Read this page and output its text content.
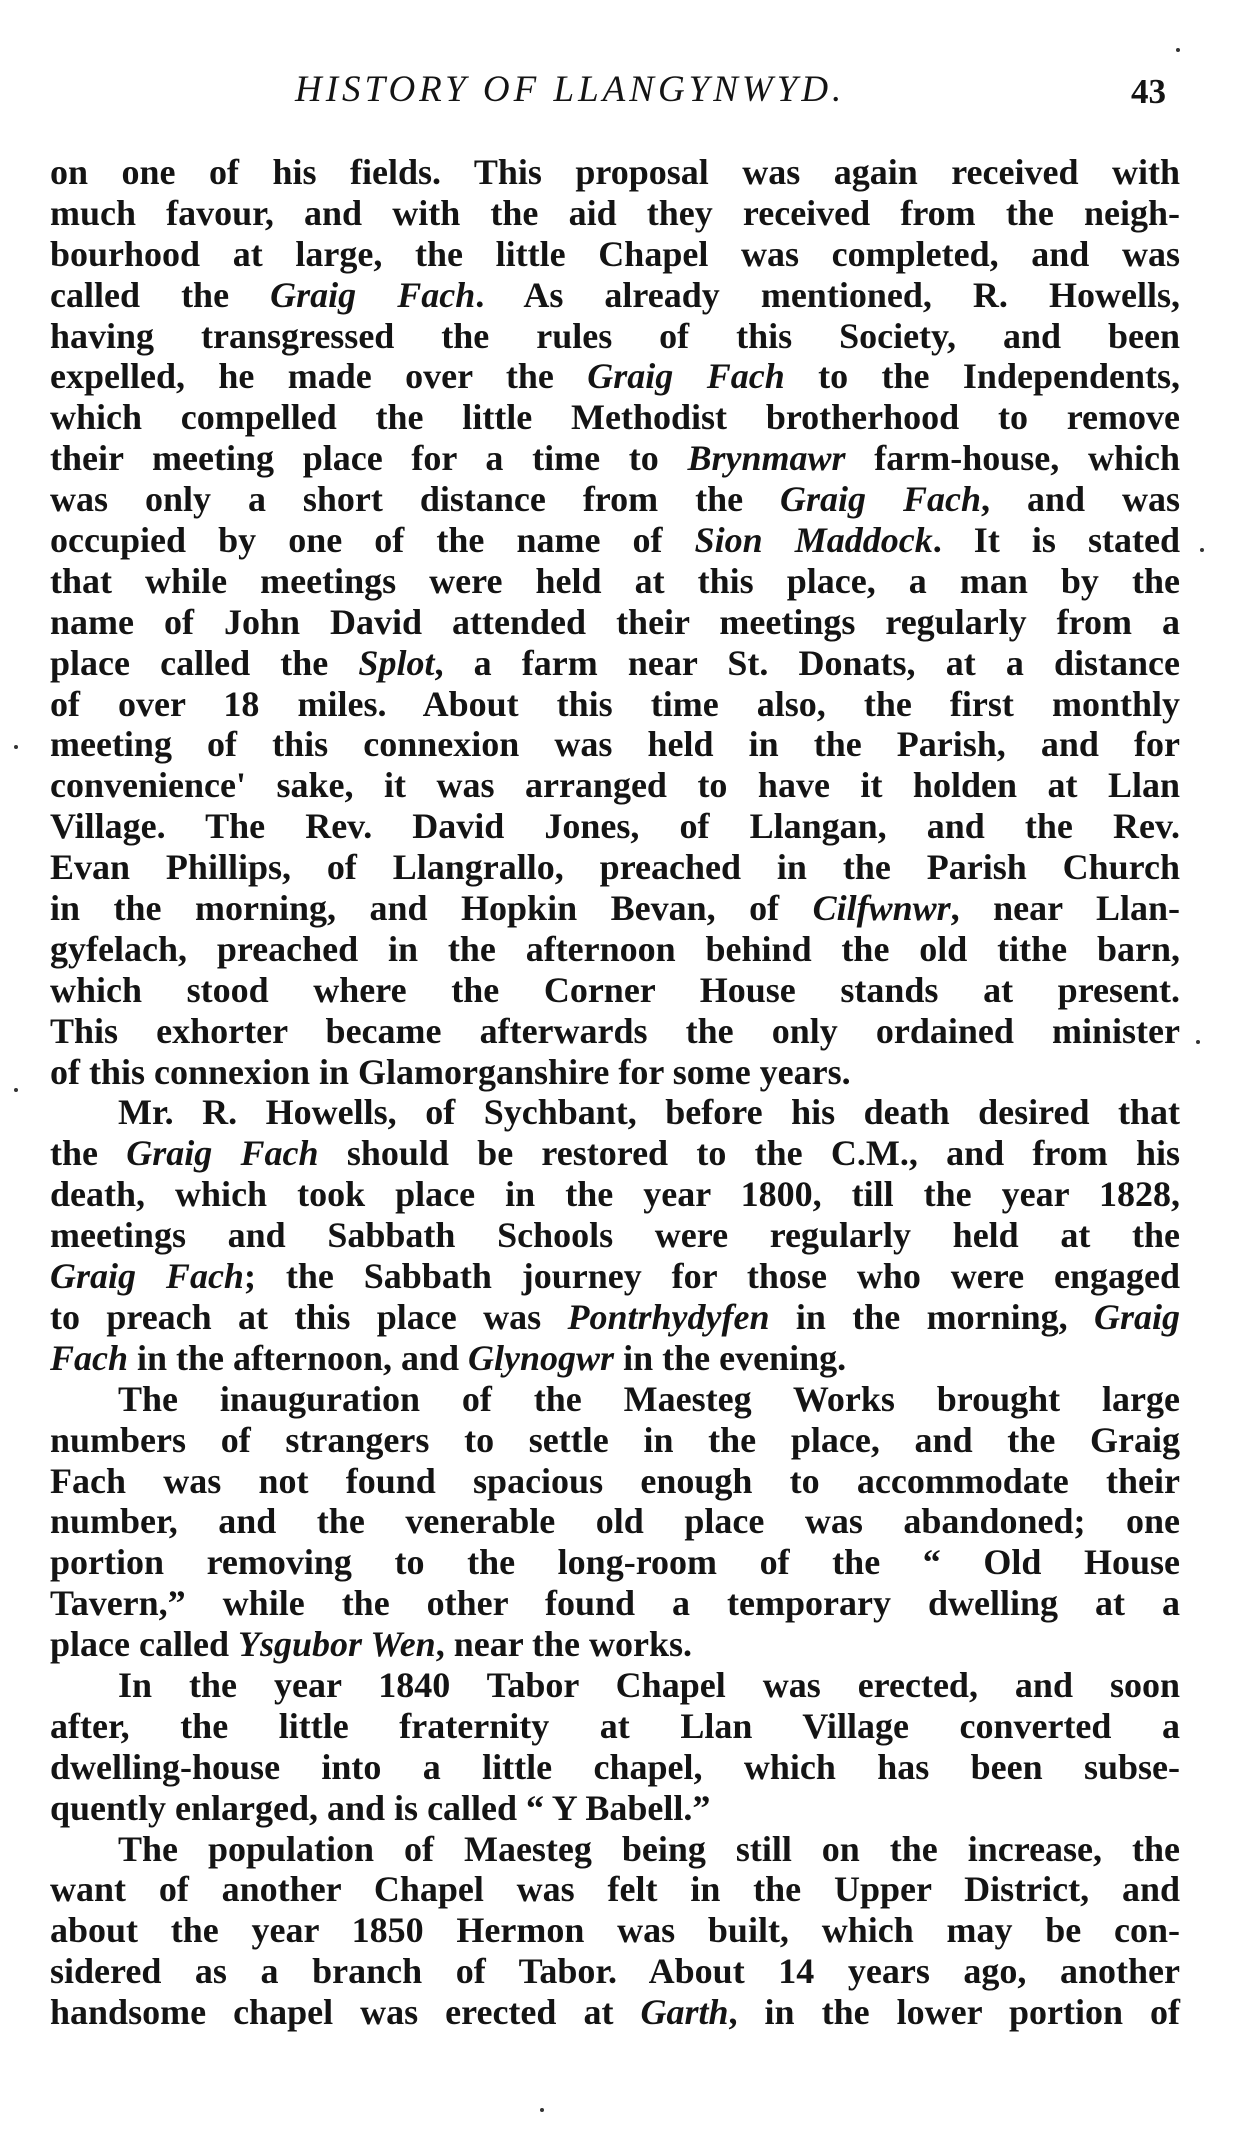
HISTORY OF LLANGYNWYD.	43
on one of his fields. This proposal was again received with
much favour, and with the aid they received from the neigh-
bourhood at large, the little Chapel was completed, and was
called the Graig Fach. As already mentioned, R. Howells,
having transgressed the rules of this Society, and been
expelled, he made over the Graig Fach to the Independents,
which compelled the little Methodist brotherhood to remove
their meeting place for a time to Brynmawr farm-house, which
was only a short distance from the Graig Fach, and was
occupied by one of the name of Sion Maddock. It is stated
that while meetings were held at this place, a man by the
name of John David attended their meetings regularly from a
place called the Splot, a farm near St. Donats, at a distance
of over 18 miles. About this time also, the first monthly
meeting of this connexion was held in the Parish, and for
convenience' sake, it was arranged to have it holden at Llan
Village. The Rev. David Jones, of Llangan, and the Rev.
Evan Phillips, of Llangrallo, preached in the Parish Church
in the morning, and Hopkin Bevan, of Cilfwnwr, near Llan-
gyfelach, preached in the afternoon behind the old tithe barn,
which stood where the Corner House stands at present.
This exhorter became afterwards the only ordained minister
of this connexion in Glamorganshire for some years.
Mr. R. Howells, of Sychbant, before his death desired that
the Graig Fach should be restored to the C.M., and from his
death, which took place in the year 1800, till the year 1828,
meetings and Sabbath Schools were regularly held at the
Graig Fach; the Sabbath journey for those who were engaged
to preach at this place was Pontrhydyfen in the morning, Graig
Fach in the afternoon, and Glynogwr in the evening.
The inauguration of the Maesteg Works brought large
numbers of strangers to settle in the place, and the Graig
Fach was not found spacious enough to accommodate their
number, and the venerable old place was abandoned; one
portion removing to the long-room of the “ Old House
Tavern,” while the other found a temporary dwelling at a
place called Ysgubor Wen, near the works.
In the year 1840 Tabor Chapel was erected, and soon
after, the little fraternity at Llan Village converted a
dwelling-house into a little chapel, which has been subse-
quently enlarged, and is called “ Y Babell.”
The population of Maesteg being still on the increase, the
want of another Chapel was felt in the Upper District, and
about the year 1850 Hermon was built, which may be con-
sidered as a branch of Tabor. About 14 years ago, another
handsome chapel was erected at Garth, in the lower portion of
